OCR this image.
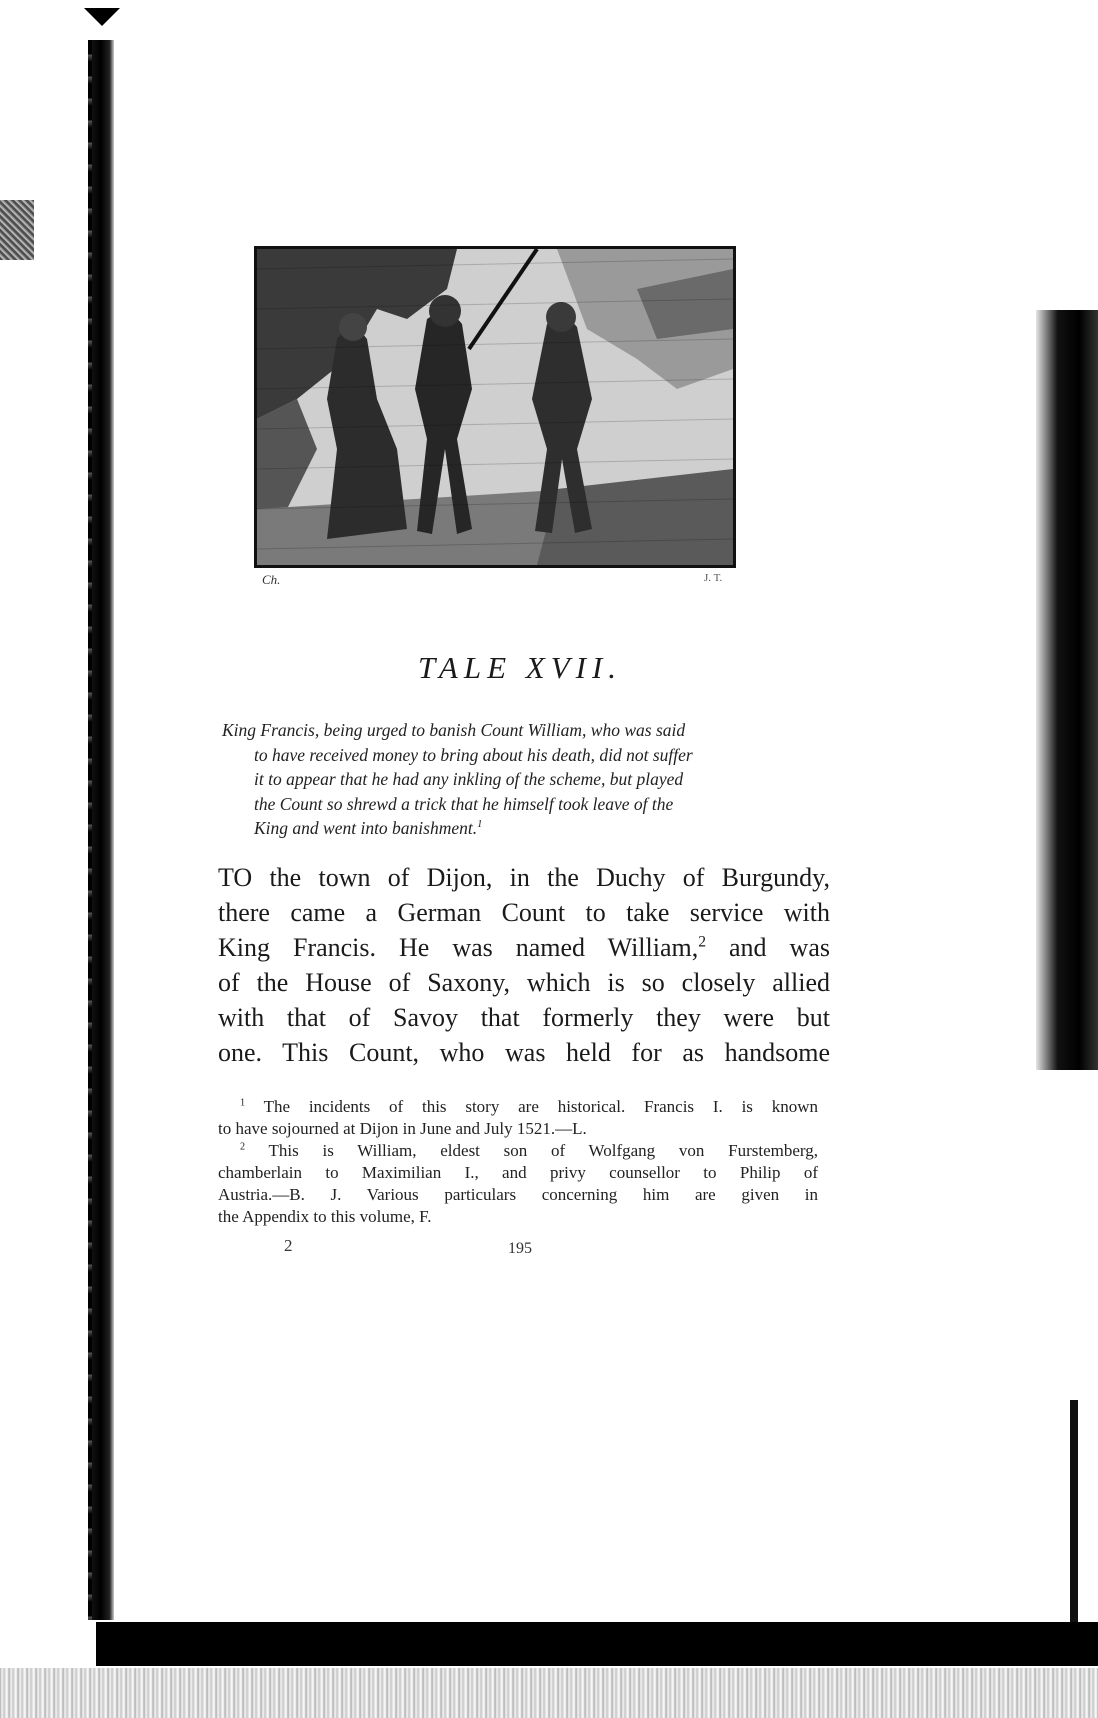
Ch.	J. T.
TALE XVII.
King Francis, being urged to banish Count William, who was said
to have received money to bring about his death, did not suffer
it to appear that he had any inkling of the scheme, but played
the Count so shrewd a trick that he himself took leave of the
King and went into banishment.$^1$
TO the town of Dijon, in the Duchy of Burgundy,
there came a German Count to take service with
King Francis. He was named William,$^2$ and was
of the House of Saxony, which is so closely allied
with that of Savoy that formerly they were but
one. This Count, who was held for as handsome
$^1$ The incidents of this story are historical. Francis I. is known
to have sojourned at Dijon in June and July 1521.—L.
$^2$ This is William, eldest son of Wolfgang von Furstemberg,
chamberlain to Maximilian I., and privy counsellor to Philip of
Austria.—B. J. Various particulars concerning him are given in
the Appendix to this volume, F.
2	195
